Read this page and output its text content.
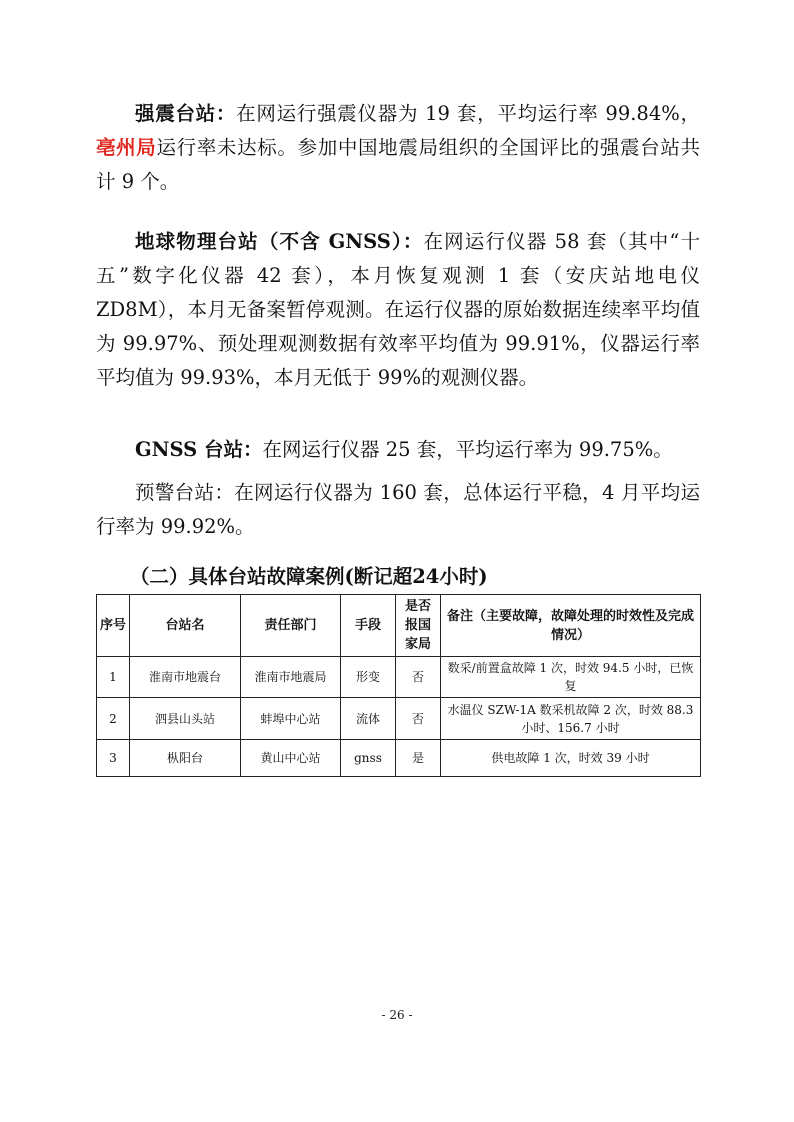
强震台站：在网运行强震仪器为 19 套，平均运行率 99.84%，亳州局运行率未达标。参加中国地震局组织的全国评比的强震台站共计 9 个。
地球物理台站（不含 GNSS）：在网运行仪器 58 套（其中“十五”数字化仪器 42 套），本月恢复观测 1 套（安庆站地电仪 ZD8M），本月无备案暂停观测。在运行仪器的原始数据连续率平均值为 99.97%、预处理观测数据有效率平均值为 99.91%，仪器运行率平均值为 99.93%，本月无低于 99%的观测仪器。
GNSS 台站：在网运行仪器 25 套，平均运行率为 99.75%。
预警台站：在网运行仪器为 160 套，总体运行平稳，4 月平均运行率为 99.92%。
（二）具体台站故障案例(断记超24小时)
序号	台站名	责任部门	手段	是否报国家局	备注（主要故障，故障处理的时效性及完成情况）
1	淮南市地震台	淮南市地震局	形变	否	数采/前置盒故障 1 次，时效 94.5 小时，已恢复
2	泗县山头站	蚌埠中心站	流体	否	水温仪 SZW-1A 数采机故障 2 次，时效 88.3 小时、156.7 小时
3	枞阳台	黄山中心站	gnss	是	供电故障 1 次，时效 39 小时
- 26 -
